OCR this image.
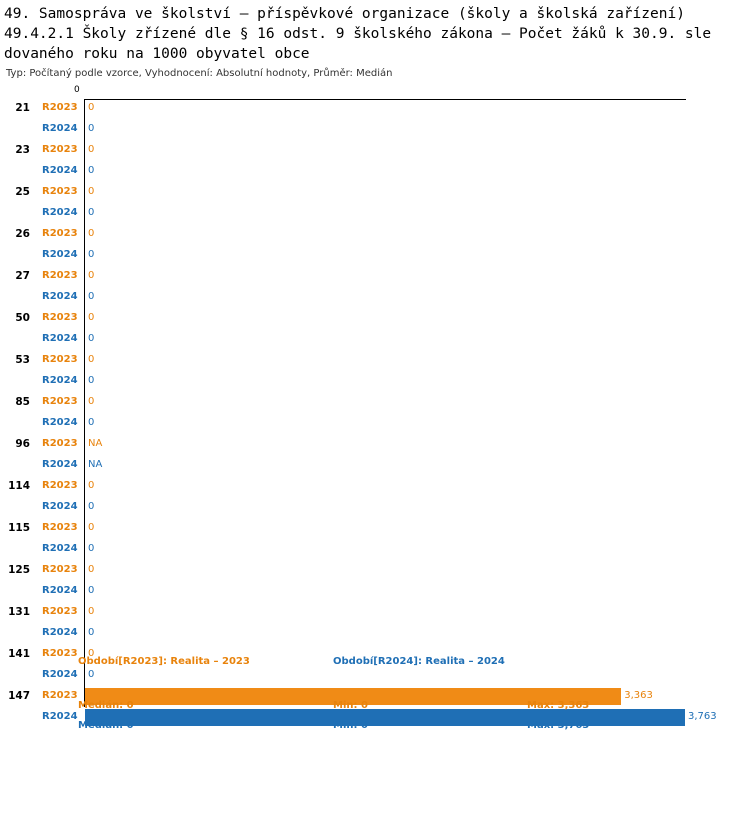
49. Samospráva ve školství – příspěvkové organizace (školy a školská zařízení)
49.4.2.1 Školy zřízené dle § 16 odst. 9 školského zákona – Počet žáků k 30.9. sle
dovaného roku na 1000 obyvatel obce
Typ: Počítaný podle vzorce, Vyhodnocení: Absolutní hodnoty, Průměr: Medián
0
21 R2023 0
R2024 0
23 R2023 0
R2024 0
25 R2023 0
R2024 0
26 R2023 0
R2024 0
27 R2023 0
R2024 0
50 R2023 0
R2024 0
53 R2023 0
R2024 0
85 R2023 0
R2024 0
96 R2023 NA
R2024 NA
114 R2023 0
R2024 0
115 R2023 0
R2024 0
125 R2023 0
R2024 0
131 R2023 0
R2024 0
141 R2023 0
R2024 0
147 R2023	3,363
R2024	3,763
Období[R2023]: Realita – 2023	Období[R2024]: Realita – 2024
Medián: 0	Min: 0	Max: 3,363
Medián: 0	Min: 0	Max: 3,763
